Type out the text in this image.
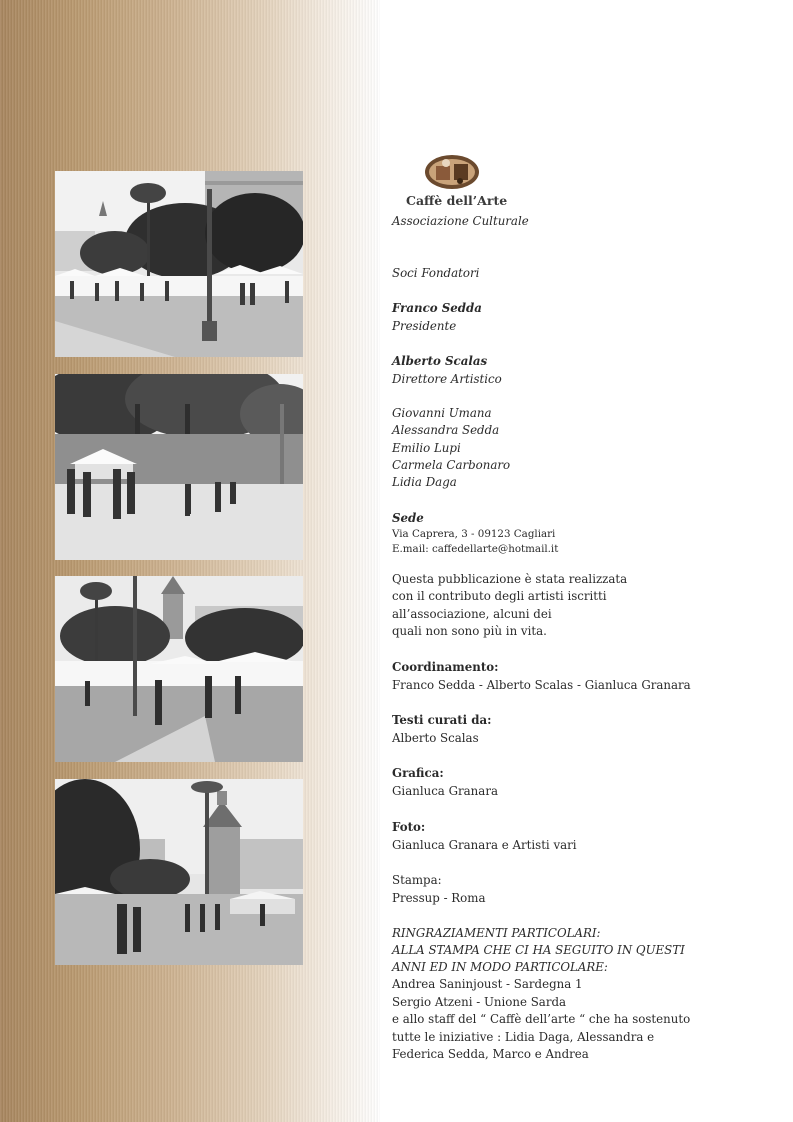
Caffè dell’Arte
Associazione Culturale
Soci Fondatori
Franco Sedda
Presidente
Alberto Scalas
Direttore Artistico
Giovanni Umana
Alessandra Sedda
Emilio Lupi
Carmela Carbonaro
Lidia Daga
Sede
Via Caprera, 3 - 09123 Cagliari
E.mail: caffedellarte@hotmail.it
Questa pubblicazione è stata realizzata
con il contributo degli artisti iscritti
all’associazione, alcuni dei
quali non sono più in vita.
Coordinamento:
Franco Sedda - Alberto Scalas - Gianluca Granara
Testi curati da:
Alberto Scalas
Grafica:
Gianluca Granara
Foto:
Gianluca Granara e Artisti vari
Stampa:
Pressup - Roma
RINGRAZIAMENTI PARTICOLARI:
ALLA STAMPA CHE CI HA SEGUITO IN QUESTI
ANNI ED IN MODO PARTICOLARE:
Andrea Saninjoust - Sardegna 1
Sergio Atzeni - Unione Sarda
e allo staff del “ Caffè dell’arte “ che ha sostenuto
tutte le iniziative : Lidia Daga, Alessandra e
Federica Sedda, Marco e Andrea
